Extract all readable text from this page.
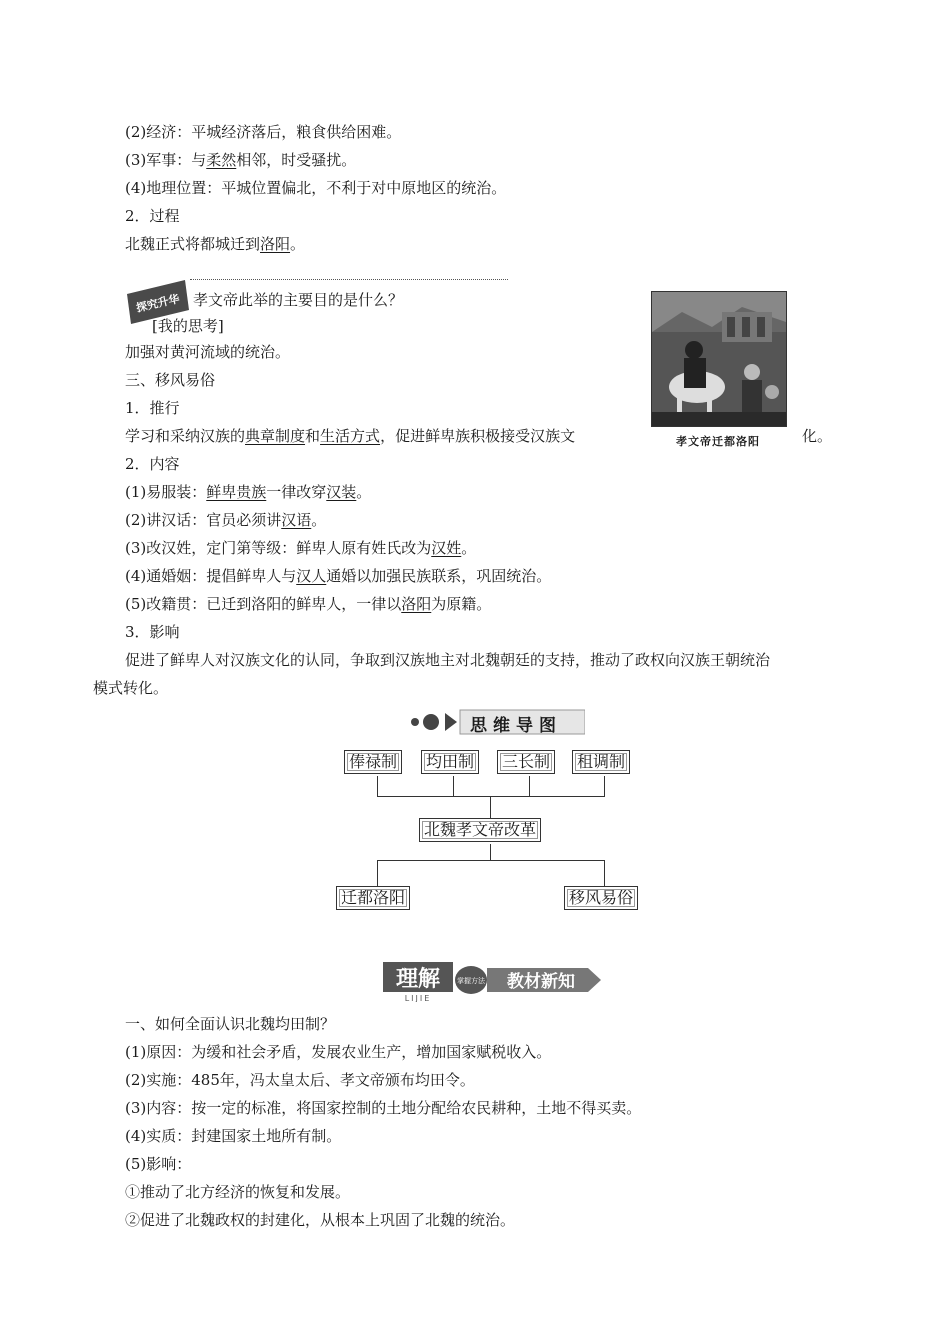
(2)经济：平城经济落后，粮食供给困难。
(3)军事：与柔然相邻，时受骚扰。
(4)地理位置：平城位置偏北，不利于对中原地区的统治。
2．过程
北魏正式将都城迁到洛阳。
探究升华 孝文帝此举的主要目的是什么？
[我的思考]
加强对黄河流域的统治。
孝文帝迁都洛阳
三、移风易俗
1．推行
学习和采纳汉族的典章制度和生活方式，促进鲜卑族积极接受汉族文	化。
2．内容
(1)易服装：鲜卑贵族一律改穿汉装。
(2)讲汉话：官员必须讲汉语。
(3)改汉姓，定门第等级：鲜卑人原有姓氏改为汉姓。
(4)通婚姻：提倡鲜卑人与汉人通婚以加强民族联系，巩固统治。
(5)改籍贯：已迁到洛阳的鲜卑人，一律以洛阳为原籍。
3．影响
促进了鲜卑人对汉族文化的认同，争取到汉族地主对北魏朝廷的支持，推动了政权向汉族王朝统治
模式转化。
思维导图
俸禄制	均田制	三长制	租调制
北魏孝文帝改革
迁都洛阳	移风易俗
理解
LIJIE
掌握方法 教材新知
一、如何全面认识北魏均田制？
(1)原因：为缓和社会矛盾，发展农业生产，增加国家赋税收入。
(2)实施：485年，冯太皇太后、孝文帝颁布均田令。
(3)内容：按一定的标准，将国家控制的土地分配给农民耕种，土地不得买卖。
(4)实质：封建国家土地所有制。
(5)影响：
①推动了北方经济的恢复和发展。
②促进了北魏政权的封建化，从根本上巩固了北魏的统治。
